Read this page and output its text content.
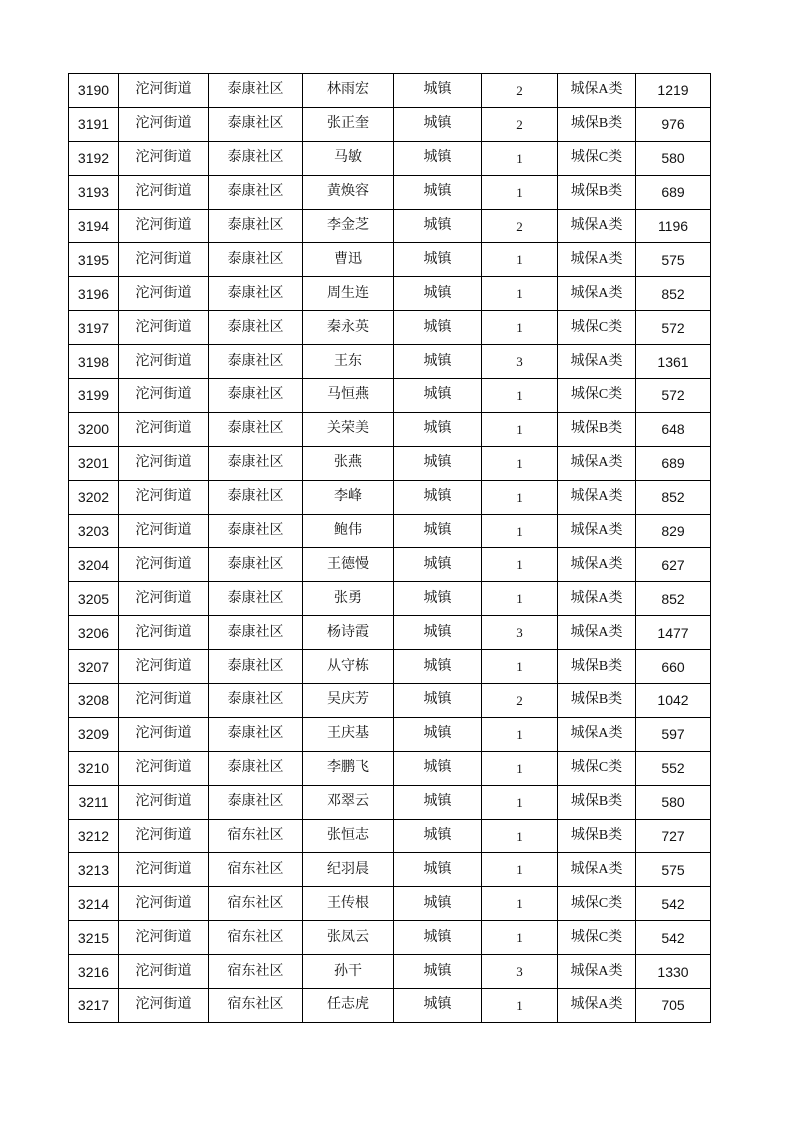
3190	沱河街道	泰康社区	林雨宏	城镇	2	城保A类	1219
3191	沱河街道	泰康社区	张正奎	城镇	2	城保B类	976
3192	沱河街道	泰康社区	马敏	城镇	1	城保C类	580
3193	沱河街道	泰康社区	黄焕容	城镇	1	城保B类	689
3194	沱河街道	泰康社区	李金芝	城镇	2	城保A类	1196
3195	沱河街道	泰康社区	曹迅	城镇	1	城保A类	575
3196	沱河街道	泰康社区	周生连	城镇	1	城保A类	852
3197	沱河街道	泰康社区	秦永英	城镇	1	城保C类	572
3198	沱河街道	泰康社区	王东	城镇	3	城保A类	1361
3199	沱河街道	泰康社区	马恒燕	城镇	1	城保C类	572
3200	沱河街道	泰康社区	关荣美	城镇	1	城保B类	648
3201	沱河街道	泰康社区	张燕	城镇	1	城保A类	689
3202	沱河街道	泰康社区	李峰	城镇	1	城保A类	852
3203	沱河街道	泰康社区	鲍伟	城镇	1	城保A类	829
3204	沱河街道	泰康社区	王德慢	城镇	1	城保A类	627
3205	沱河街道	泰康社区	张勇	城镇	1	城保A类	852
3206	沱河街道	泰康社区	杨诗霞	城镇	3	城保A类	1477
3207	沱河街道	泰康社区	从守栋	城镇	1	城保B类	660
3208	沱河街道	泰康社区	吴庆芳	城镇	2	城保B类	1042
3209	沱河街道	泰康社区	王庆基	城镇	1	城保A类	597
3210	沱河街道	泰康社区	李鹏飞	城镇	1	城保C类	552
3211	沱河街道	泰康社区	邓翠云	城镇	1	城保B类	580
3212	沱河街道	宿东社区	张恒志	城镇	1	城保B类	727
3213	沱河街道	宿东社区	纪羽晨	城镇	1	城保A类	575
3214	沱河街道	宿东社区	王传根	城镇	1	城保C类	542
3215	沱河街道	宿东社区	张凤云	城镇	1	城保C类	542
3216	沱河街道	宿东社区	孙干	城镇	3	城保A类	1330
3217	沱河街道	宿东社区	任志虎	城镇	1	城保A类	705
